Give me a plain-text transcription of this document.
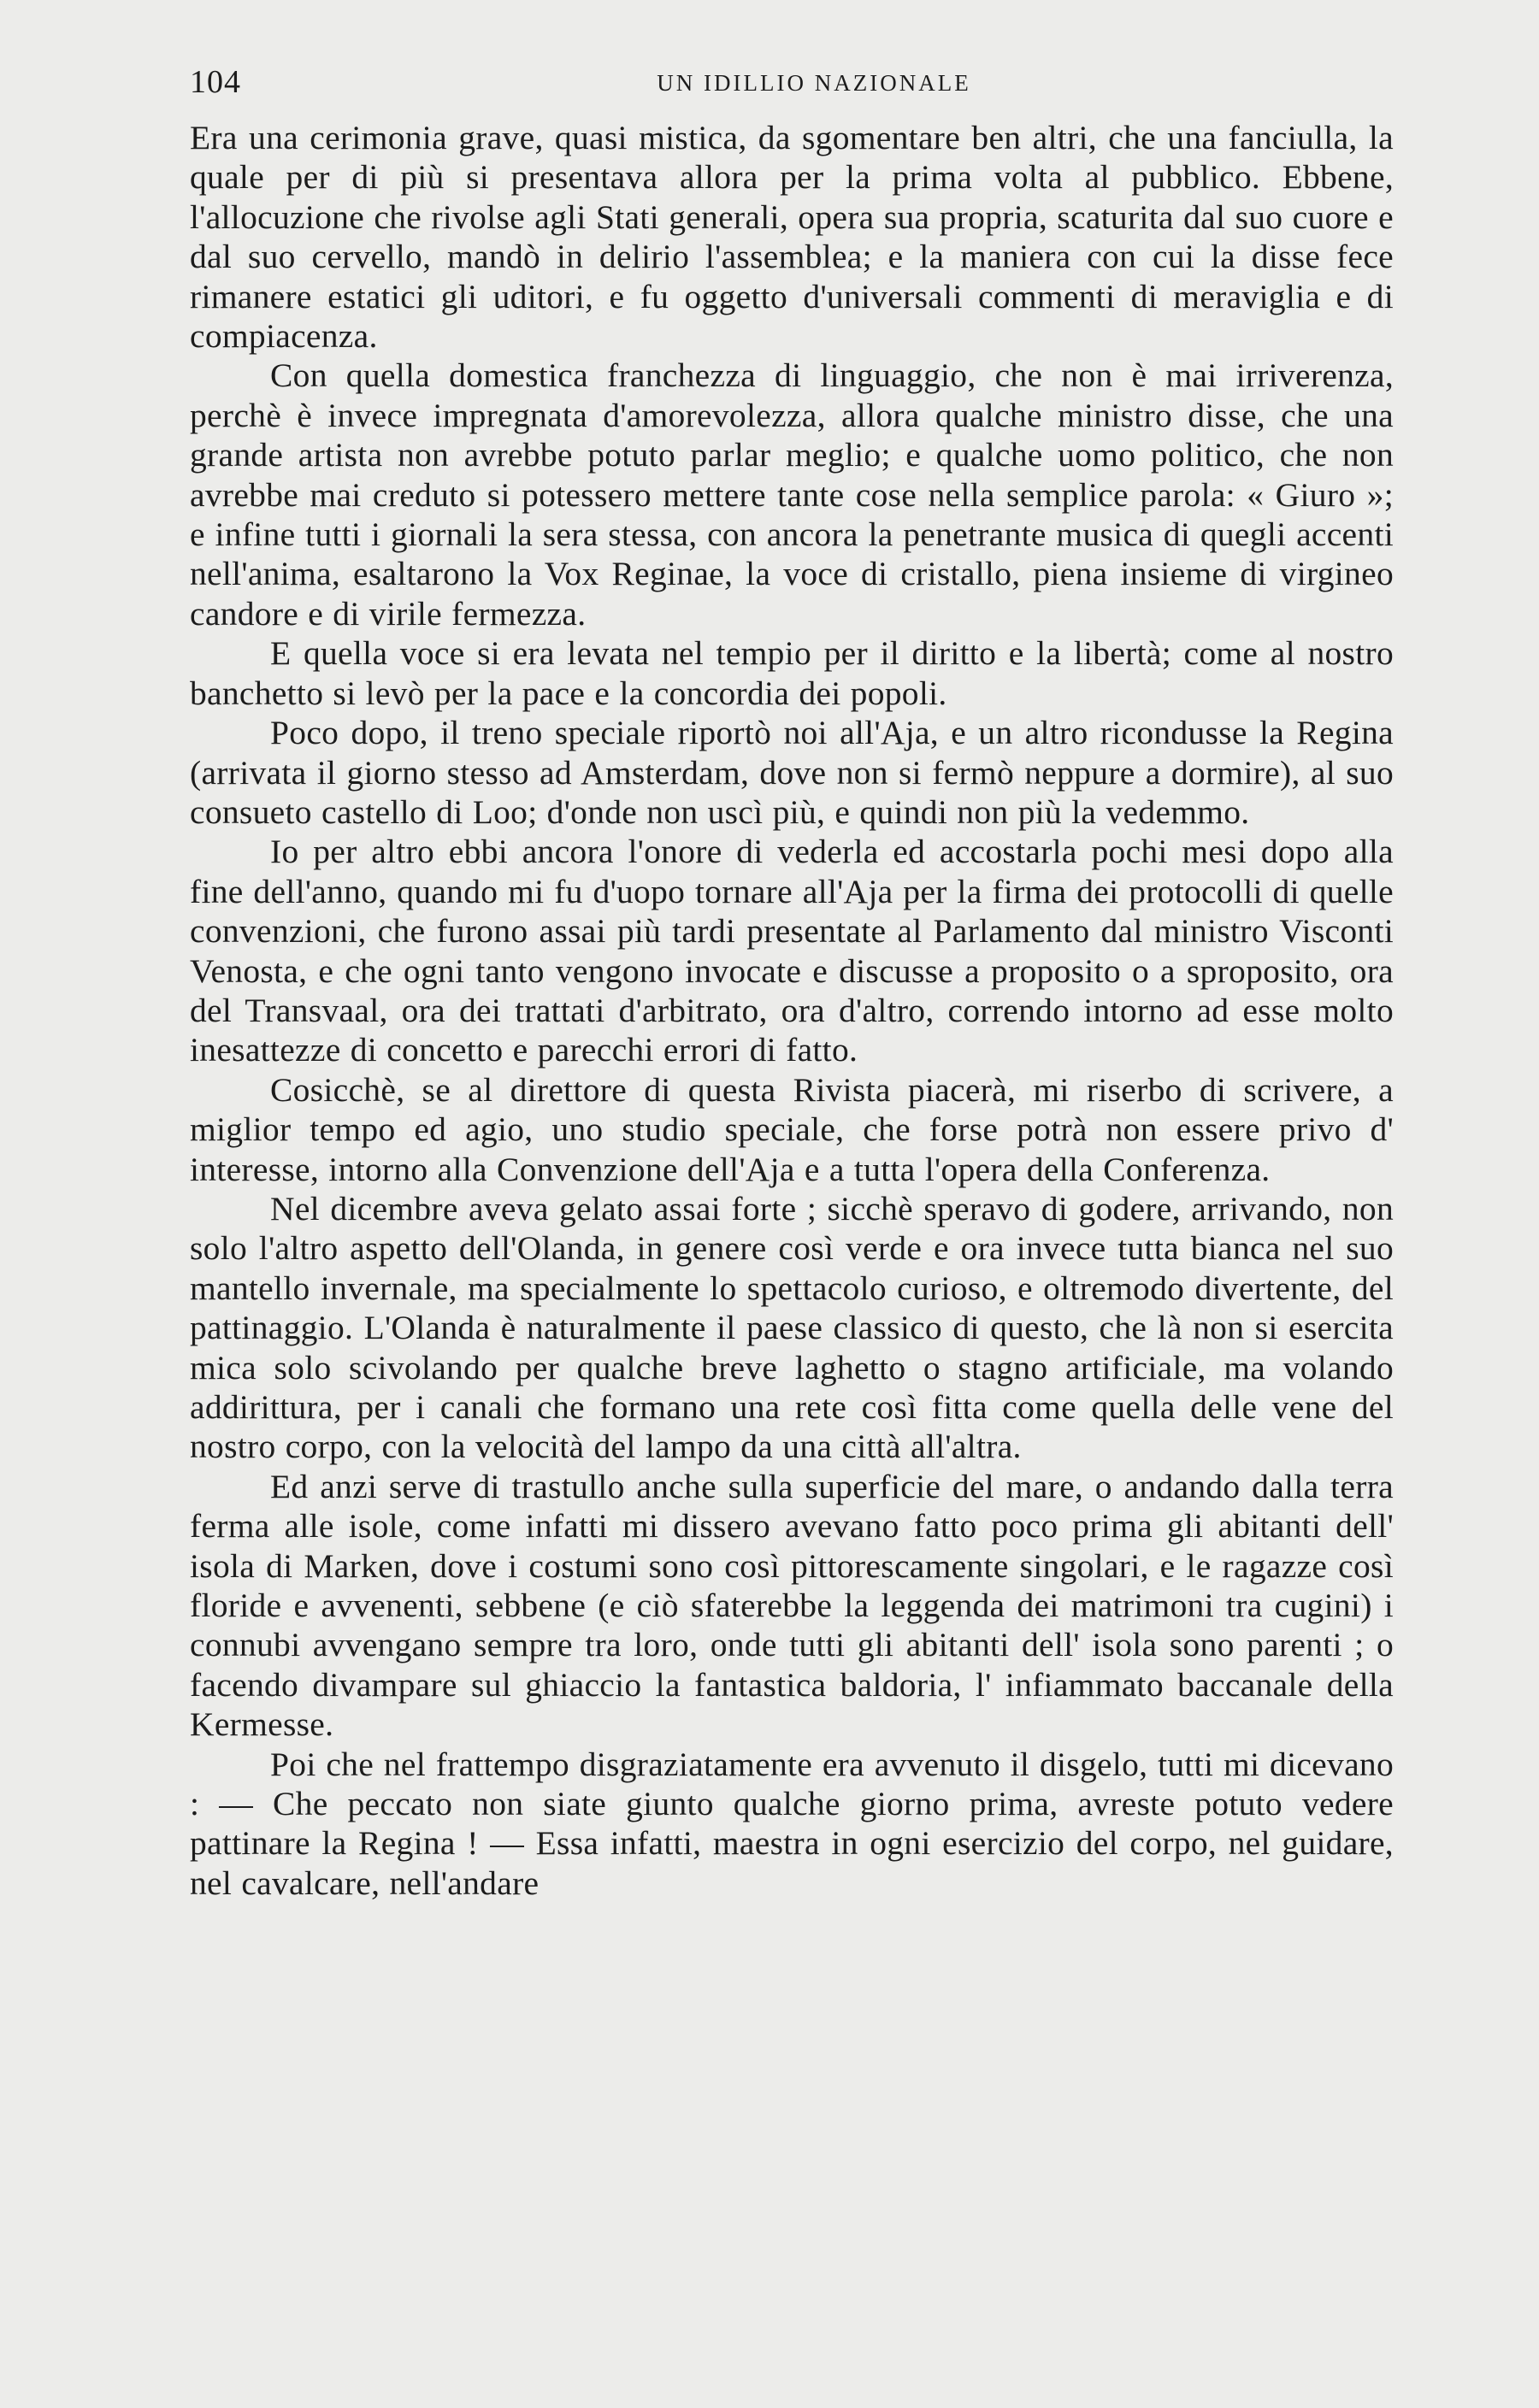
104	UN IDILLIO NAZIONALE

Era una cerimonia grave, quasi mistica, da sgomentare ben altri, che una fanciulla, la quale per di più si presentava allora per la prima volta al pubblico. Ebbene, l'allocuzione che rivolse agli Stati generali, opera sua propria, scaturita dal suo cuore e dal suo cervello, mandò in delirio l'assemblea; e la maniera con cui la disse fece rimanere estatici gli uditori, e fu oggetto d'universali commenti di meraviglia e di compiacenza.

Con quella domestica franchezza di linguaggio, che non è mai irriverenza, perchè è invece impregnata d'amorevolezza, allora qualche ministro disse, che una grande artista non avrebbe potuto parlar meglio; e qualche uomo politico, che non avrebbe mai creduto si potessero mettere tante cose nella semplice parola: « Giuro »; e infine tutti i giornali la sera stessa, con ancora la penetrante musica di quegli accenti nell'anima, esaltarono la Vox Reginae, la voce di cristallo, piena insieme di virgineo candore e di virile fermezza.

E quella voce si era levata nel tempio per il diritto e la libertà; come al nostro banchetto si levò per la pace e la concordia dei popoli.

Poco dopo, il treno speciale riportò noi all'Aja, e un altro ricondusse la Regina (arrivata il giorno stesso ad Amsterdam, dove non si fermò neppure a dormire), al suo consueto castello di Loo; d'onde non uscì più, e quindi non più la vedemmo.

Io per altro ebbi ancora l'onore di vederla ed accostarla pochi mesi dopo alla fine dell'anno, quando mi fu d'uopo tornare all'Aja per la firma dei protocolli di quelle convenzioni, che furono assai più tardi presentate al Parlamento dal ministro Visconti Venosta, e che ogni tanto vengono invocate e discusse a proposito o a sproposito, ora del Transvaal, ora dei trattati d'arbitrato, ora d'altro, correndo intorno ad esse molto inesattezze di concetto e parecchi errori di fatto.

Cosicchè, se al direttore di questa Rivista piacerà, mi riserbo di scrivere, a miglior tempo ed agio, uno studio speciale, che forse potrà non essere privo d' interesse, intorno alla Convenzione dell'Aja e a tutta l'opera della Conferenza.

Nel dicembre aveva gelato assai forte ; sicchè speravo di godere, arrivando, non solo l'altro aspetto dell'Olanda, in genere così verde e ora invece tutta bianca nel suo mantello invernale, ma specialmente lo spettacolo curioso, e oltremodo divertente, del pattinaggio. L'Olanda è naturalmente il paese classico di questo, che là non si esercita mica solo scivolando per qualche breve laghetto o stagno artificiale, ma volando addirittura, per i canali che formano una rete così fitta come quella delle vene del nostro corpo, con la velocità del lampo da una città all'altra.

Ed anzi serve di trastullo anche sulla superficie del mare, o andando dalla terra ferma alle isole, come infatti mi dissero avevano fatto poco prima gli abitanti dell' isola di Marken, dove i costumi sono così pittorescamente singolari, e le ragazze così floride e avvenenti, sebbene (e ciò sfaterebbe la leggenda dei matrimoni tra cugini) i connubi avvengano sempre tra loro, onde tutti gli abitanti dell' isola sono parenti ; o facendo divampare sul ghiaccio la fantastica baldoria, l' infiammato baccanale della Kermesse.

Poi che nel frattempo disgraziatamente era avvenuto il disgelo, tutti mi dicevano : — Che peccato non siate giunto qualche giorno prima, avreste potuto vedere pattinare la Regina ! — Essa infatti, maestra in ogni esercizio del corpo, nel guidare, nel cavalcare, nell'andare
